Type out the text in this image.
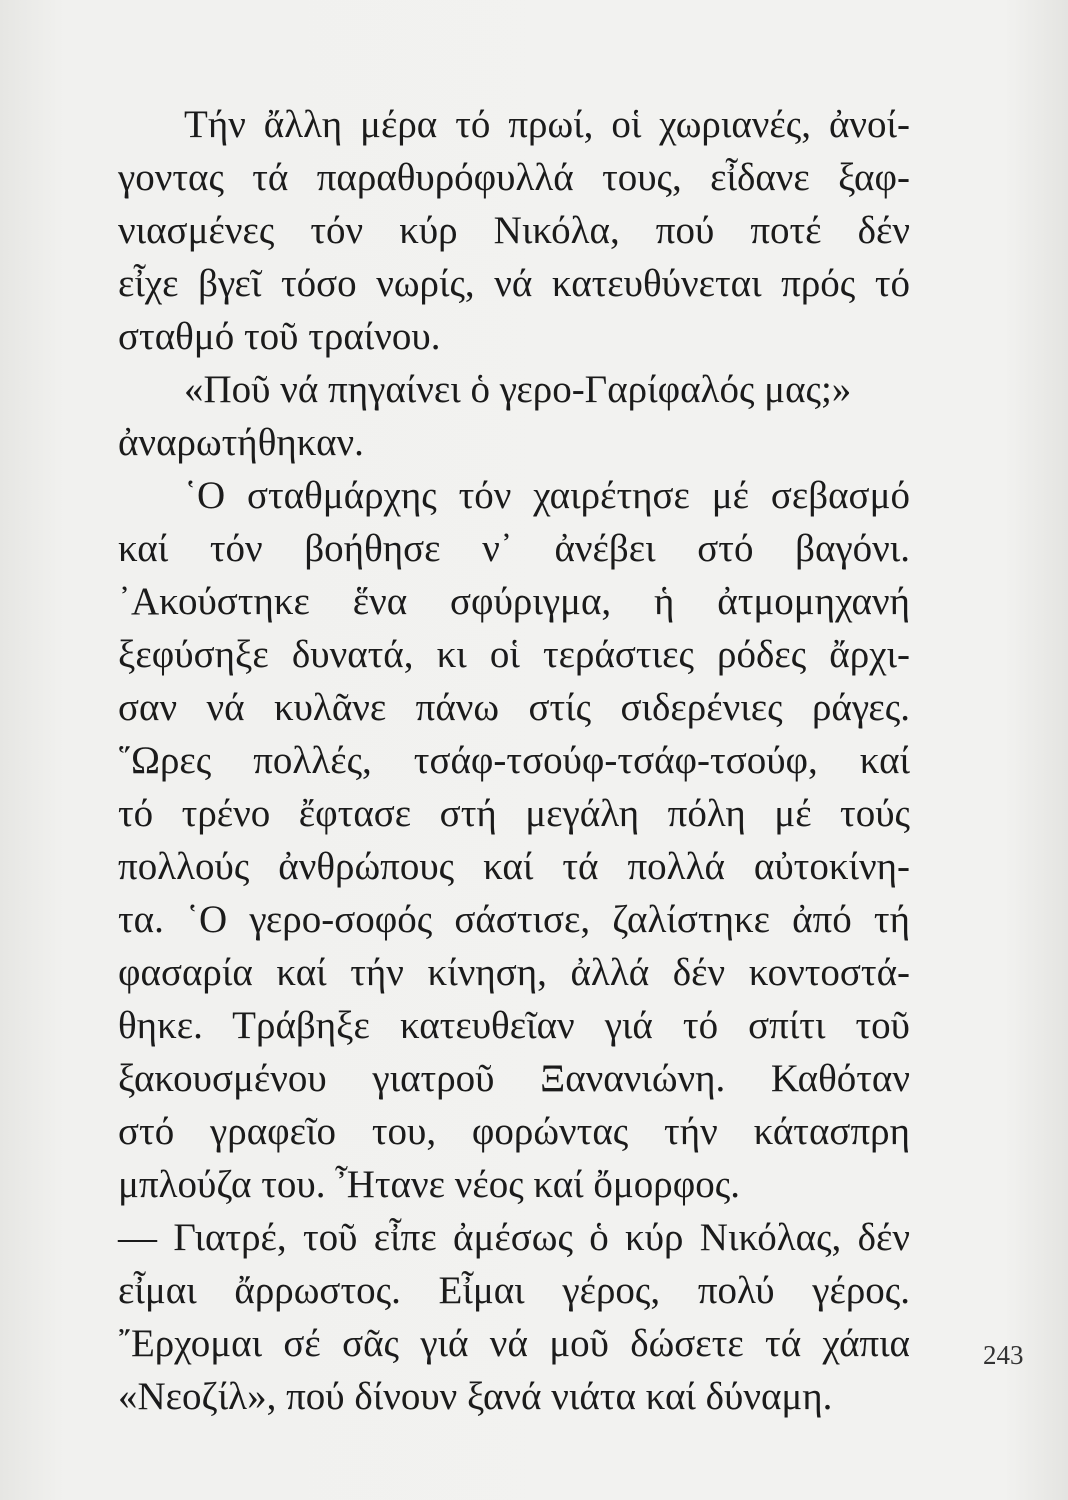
Τήν ἄλλη μέρα τό πρωί, οἱ χωριανές, ἀνοί-
γοντας τά παραθυρόφυλλά τους, εἶδανε ξαφ-
νιασμένες τόν κύρ Νικόλα, πού ποτέ δέν
εἶχε βγεῖ τόσο νωρίς, νά κατευθύνεται πρός τό
σταθμό τοῦ τραίνου.
«Ποῦ νά πηγαίνει ὁ γερο-Γαρίφαλός μας;»
ἀναρωτήθηκαν.
῾Ο σταθμάρχης τόν χαιρέτησε μέ σεβασμό
καί τόν βοήθησε ν᾽ ἀνέβει στό βαγόνι.
᾽Ακούστηκε ἕνα σφύριγμα, ἡ ἀτμομηχανή
ξεφύσηξε δυνατά, κι οἱ τεράστιες ρόδες ἄρχι-
σαν νά κυλᾶνε πάνω στίς σιδερένιες ράγες.
῞Ωρες πολλές, τσάφ-τσούφ-τσάφ-τσούφ, καί
τό τρένο ἔφτασε στή μεγάλη πόλη μέ τούς
πολλούς ἀνθρώπους καί τά πολλά αὐτοκίνη-
τα. ῾Ο γερο-σοφός σάστισε, ζαλίστηκε ἀπό τή
φασαρία καί τήν κίνηση, ἀλλά δέν κοντοστά-
θηκε. Τράβηξε κατευθεῖαν γιά τό σπίτι τοῦ
ξακουσμένου γιατροῦ Ξανανιώνη. Καθόταν
στό γραφεῖο του, φορώντας τήν κάτασπρη
μπλούζα του. Ἦτανε νέος καί ὄμορφος.
— Γιατρέ, τοῦ εἶπε ἀμέσως ὁ κύρ Νικόλας, δέν
εἶμαι ἄρρωστος. Εἶμαι γέρος, πολύ γέρος.
῎Ερχομαι σέ σᾶς γιά νά μοῦ δώσετε τά χάπια
«Νεοζίλ», πού δίνουν ξανά νιάτα καί δύναμη.
243
